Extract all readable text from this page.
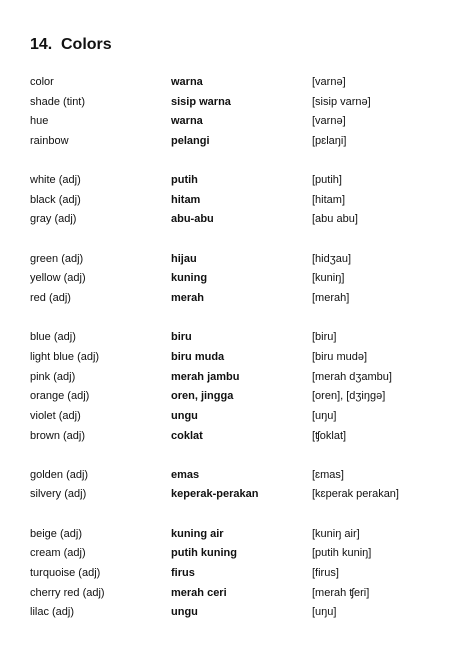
14. Colors
color	warna	[varnə]
shade (tint)	sisip warna	[sisip varnə]
hue	warna	[varnə]
rainbow	pelangi	[pɛlaŋi]
white (adj)	putih	[putih]
black (adj)	hitam	[hitam]
gray (adj)	abu-abu	[abu abu]
green (adj)	hijau	[hidʒau]
yellow (adj)	kuning	[kuniŋ]
red (adj)	merah	[merah]
blue (adj)	biru	[biru]
light blue (adj)	biru muda	[biru mudə]
pink (adj)	merah jambu	[merah dʒambu]
orange (adj)	oren, jingga	[oren], [dʒiŋgə]
violet (adj)	ungu	[uŋu]
brown (adj)	coklat	[ʧoklat]
golden (adj)	emas	[ɛmas]
silvery (adj)	keperak-perakan	[kɛperak perakan]
beige (adj)	kuning air	[kuniŋ air]
cream (adj)	putih kuning	[putih kuniŋ]
turquoise (adj)	firus	[firus]
cherry red (adj)	merah ceri	[merah ʧeri]
lilac (adj)	ungu	[uŋu]
